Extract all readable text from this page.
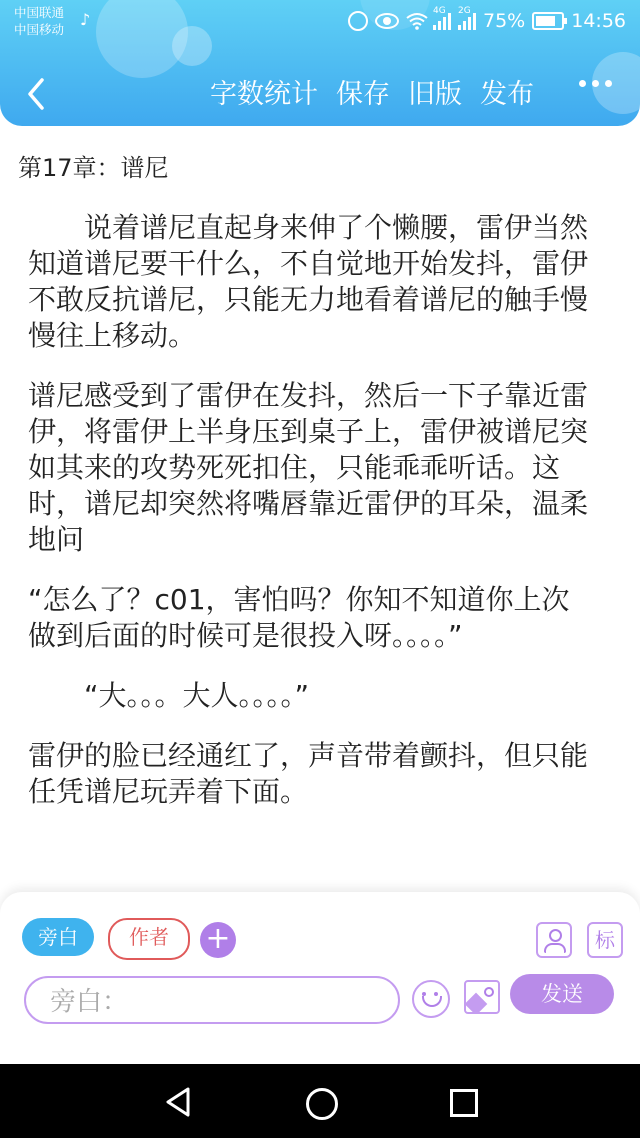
中国联通
中国移动
♪	4G 2G 75% 14:56
字数统计 保存 旧版 发布
第17章：谱尼

说着谱尼直起身来伸了个懒腰，雷伊当然知道谱尼要干什么，不自觉地开始发抖，雷伊不敢反抗谱尼，只能无力地看着谱尼的触手慢慢往上移动。

谱尼感受到了雷伊在发抖，然后一下子靠近雷伊，将雷伊上半身压到桌子上，雷伊被谱尼突如其来的攻势死死扣住，只能乖乖听话。这时，谱尼却突然将嘴唇靠近雷伊的耳朵，温柔地问

“怎么了？c01，害怕吗？你知不知道你上次做到后面的时候可是很投入呀。。。。”

“大。。。大人。。。。”

雷伊的脸已经通红了，声音带着颤抖，但只能任凭谱尼玩弄着下面。

旁白	作者	+	标
旁白：	发送
